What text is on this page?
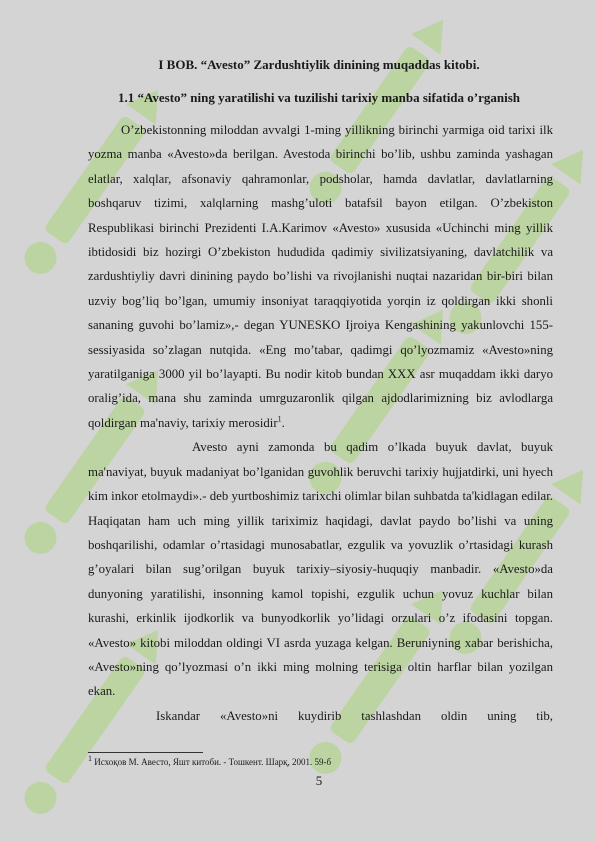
I BOB. “Avesto” Zardushtiylik dinining muqaddas kitobi.
1.1 “Avesto” ning yaratilishi va tuzilishi tarixiy manba sifatida o’rganish

O’zbekistonning miloddan avvalgi 1-ming yillikning birinchi yarmiga oid tarixi ilk yozma manba «Avesto»da berilgan. Avestoda birinchi bo’lib, ushbu zaminda yashagan elatlar, xalqlar, afsonaviy qahramonlar, podsholar, hamda davlatlar, davlatlarning boshqaruv tizimi, xalqlarning mashg’uloti batafsil bayon etilgan. O’zbekiston Respublikasi birinchi Prezidenti I.A.Karimov «Avesto» xususida «Uchinchi ming yillik ibtidosidi biz hozirgi O’zbekiston hududida qadimiy sivilizatsiyaning, davlatchilik va zardushtiyliy davri dinining paydo bo’lishi va rivojlanishi nuqtai nazaridan bir-biri bilan uzviy bog’liq bo’lgan, umumiy insoniyat taraqqiyotida yorqin iz qoldirgan ikki shonli sananing guvohi bo’lamiz»,- degan YUNESKO Ijroiya Kengashining yakunlovchi 155-sessiyasida so’zlagan nutqida. «Eng mo’tabar, qadimgi qo’lyozmamiz «Avesto»ning yaratilganiga 3000 yil bo’layapti. Bu nodir kitob bundan XXX asr muqaddam ikki daryo oralig’ida, mana shu zaminda umrguzaronlik qilgan ajdodlarimizning biz avlodlarga qoldirgan ma'naviy, tarixiy merosidir$^1$.

Avesto ayni zamonda bu qadim o’lkada buyuk davlat, buyuk ma'naviyat, buyuk madaniyat bo’lganidan guvohlik beruvchi tarixiy hujjatdirki, uni hyech kim inkor etolmaydi».- deb yurtboshimiz tarixchi olimlar bilan suhbatda ta'kidlagan edilar. Haqiqatan ham uch ming yillik tariximiz haqidagi, davlat paydo bo’lishi va uning boshqarilishi, odamlar o’rtasidagi munosabatlar, ezgulik va yovuzlik o’rtasidagi kurash g’oyalari bilan sug’orilgan buyuk tarixiy–siyosiy-huquqiy manbadir. «Avesto»da dunyoning yaratilishi, insonning kamol topishi, ezgulik uchun yovuz kuchlar bilan kurashi, erkinlik ijodkorlik va bunyodkorlik yo’lidagi orzulari o’z ifodasini topgan. «Avesto» kitobi miloddan oldingi VI asrda yuzaga kelgan. Beruniyning xabar berishicha, «Avesto»ning qo’lyozmasi o’n ikki ming molning terisiga oltin harflar bilan yozilgan ekan.

Iskandar «Avesto»ni kuydirib tashlashdan oldin uning tib,

$^1$ Исхоқов М. Авесто, Яшт китоби. - Тошкент. Шарқ, 2001. 59-б
5
